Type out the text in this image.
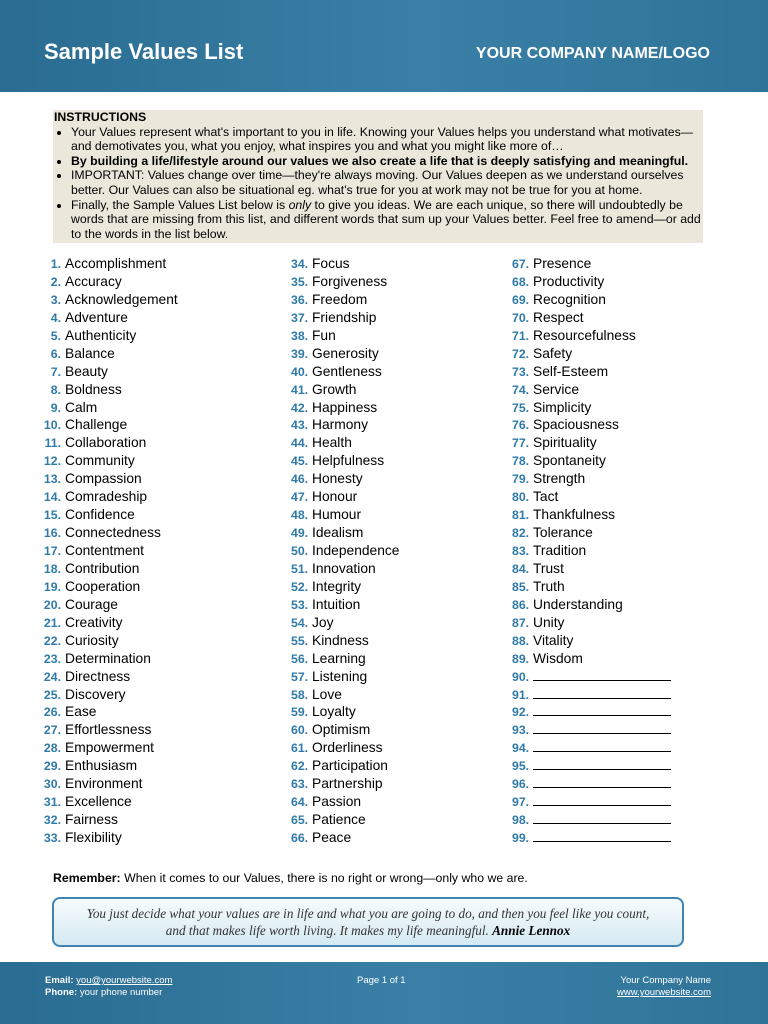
Sample Values List	YOUR COMPANY NAME/LOGO
INSTRUCTIONS
• Your Values represent what's important to you in life. Knowing your Values helps you understand what motivates—and demotivates you, what you enjoy, what inspires you and what you might like more of…
• By building a life/lifestyle around our values we also create a life that is deeply satisfying and meaningful.
• IMPORTANT: Values change over time—they're always moving. Our Values deepen as we understand ourselves better. Our Values can also be situational eg. what's true for you at work may not be true for you at home.
• Finally, the Sample Values List below is only to give you ideas. We are each unique, so there will undoubtedly be words that are missing from this list, and different words that sum up your Values better. Feel free to amend—or add to the words in the list below.
1. Accomplishment
2. Accuracy
3. Acknowledgement
4. Adventure
5. Authenticity
6. Balance
7. Beauty
8. Boldness
9. Calm
10. Challenge
11. Collaboration
12. Community
13. Compassion
14. Comradeship
15. Confidence
16. Connectedness
17. Contentment
18. Contribution
19. Cooperation
20. Courage
21. Creativity
22. Curiosity
23. Determination
24. Directness
25. Discovery
26. Ease
27. Effortlessness
28. Empowerment
29. Enthusiasm
30. Environment
31. Excellence
32. Fairness
33. Flexibility
34. Focus
35. Forgiveness
36. Freedom
37. Friendship
38. Fun
39. Generosity
40. Gentleness
41. Growth
42. Happiness
43. Harmony
44. Health
45. Helpfulness
46. Honesty
47. Honour
48. Humour
49. Idealism
50. Independence
51. Innovation
52. Integrity
53. Intuition
54. Joy
55. Kindness
56. Learning
57. Listening
58. Love
59. Loyalty
60. Optimism
61. Orderliness
62. Participation
63. Partnership
64. Passion
65. Patience
66. Peace
67. Presence
68. Productivity
69. Recognition
70. Respect
71. Resourcefulness
72. Safety
73. Self-Esteem
74. Service
75. Simplicity
76. Spaciousness
77. Spirituality
78. Spontaneity
79. Strength
80. Tact
81. Thankfulness
82. Tolerance
83. Tradition
84. Trust
85. Truth
86. Understanding
87. Unity
88. Vitality
89. Wisdom
90.
91.
92.
93.
94.
95.
96.
97.
98.
99.
Remember: When it comes to our Values, there is no right or wrong—only who we are.
You just decide what your values are in life and what you are going to do, and then you feel like you count,
and that makes life worth living. It makes my life meaningful. Annie Lennox
Email: you@yourwebsite.com
Phone: your phone number
Page 1 of 1	Your Company Name
www.yourwebsite.com
